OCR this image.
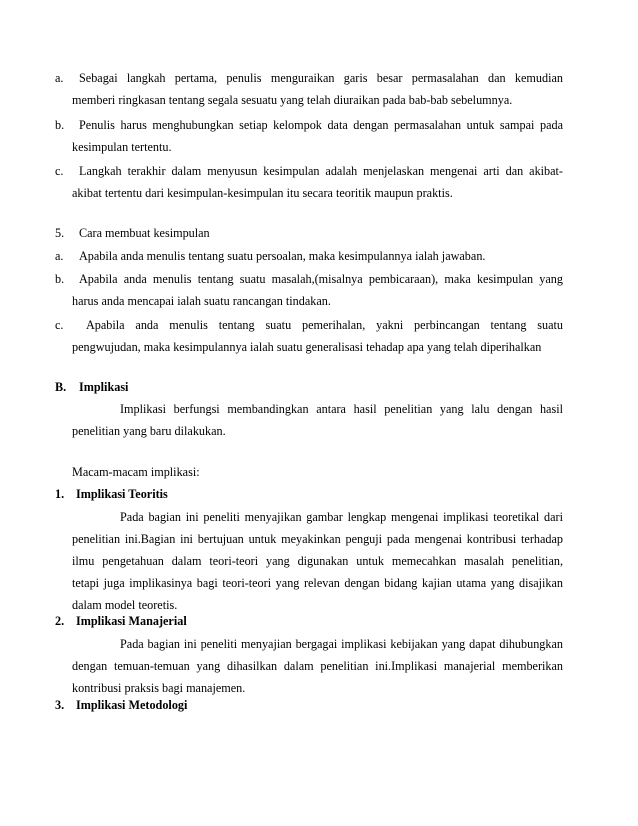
a.	Sebagai langkah pertama, penulis menguraikan garis besar permasalahan dan kemudian
memberi ringkasan tentang segala sesuatu yang telah diuraikan pada bab-bab sebelumnya.
b.	Penulis harus menghubungkan setiap kelompok data dengan permasalahan untuk sampai pada
kesimpulan tertentu.
c.	Langkah terakhir dalam menyusun kesimpulan adalah menjelaskan mengenai arti dan akibat-
akibat tertentu dari kesimpulan-kesimpulan itu secara teoritik maupun praktis.
5.	Cara membuat kesimpulan
a.	Apabila anda menulis tentang suatu persoalan, maka kesimpulannya ialah jawaban.
b.	Apabila anda menulis tentang suatu masalah,(misalnya pembicaraan), maka kesimpulan yang
harus anda mencapai ialah suatu rancangan tindakan.
c.	Apabila anda menulis tentang suatu pemerihalan, yakni perbincangan tentang suatu
pengwujudan, maka kesimpulannya ialah suatu generalisasi tehadap apa yang telah diperihalkan
B.	Implikasi
Implikasi berfungsi membandingkan antara hasil penelitian yang lalu dengan hasil
penelitian yang baru dilakukan.
Macam-macam implikasi:
1. Implikasi Teoritis
Pada bagian ini peneliti menyajikan gambar lengkap mengenai implikasi teoretikal dari
penelitian ini.Bagian ini bertujuan untuk meyakinkan penguji pada mengenai kontribusi terhadap
ilmu pengetahuan dalam teori-teori yang digunakan untuk memecahkan masalah penelitian,
tetapi juga implikasinya bagi teori-teori yang relevan dengan bidang kajian utama yang disajikan
dalam model teoretis.
2. Implikasi Manajerial
Pada bagian ini peneliti menyajian bergagai implikasi kebijakan yang dapat dihubungkan
dengan temuan-temuan yang dihasilkan dalam penelitian ini.Implikasi manajerial memberikan
kontribusi praksis bagi manajemen.
3. Implikasi Metodologi
